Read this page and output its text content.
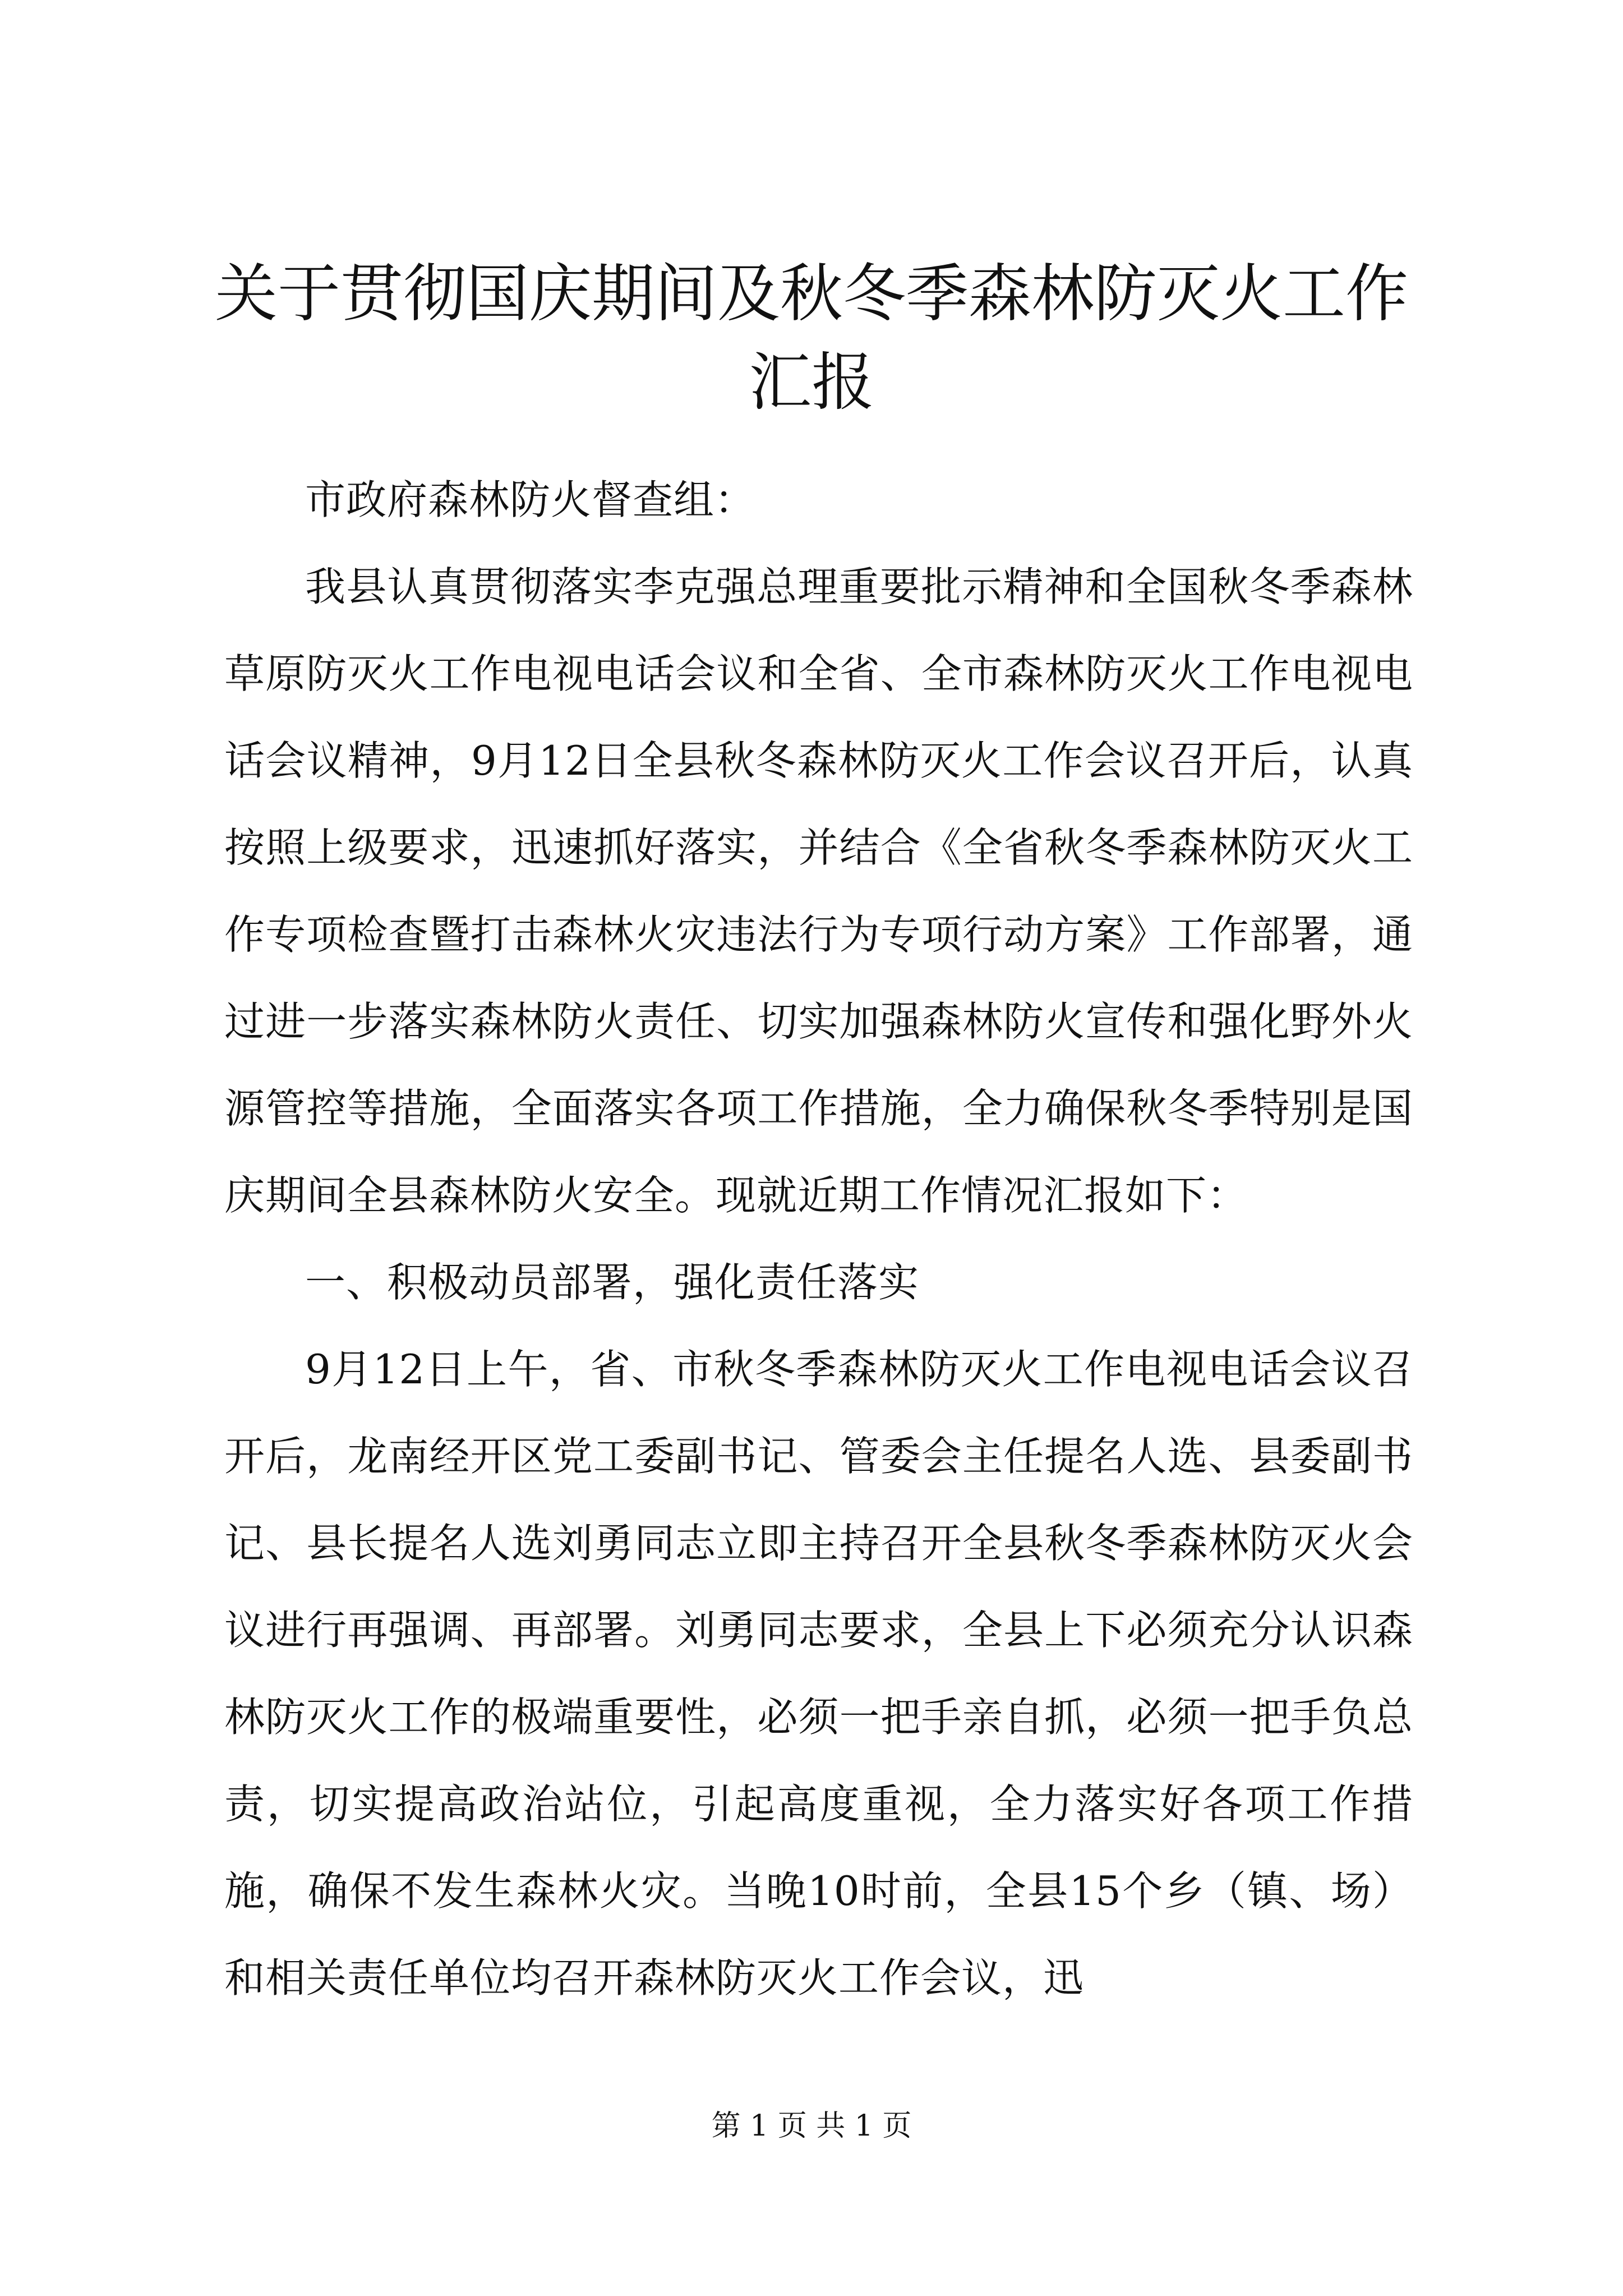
关于贯彻国庆期间及秋冬季森林防灭火工作汇报

市政府森林防火督查组：

我县认真贯彻落实李克强总理重要批示精神和全国秋冬季森林草原防灭火工作电视电话会议和全省、全市森林防灭火工作电视电话会议精神，9月12日全县秋冬森林防灭火工作会议召开后，认真按照上级要求，迅速抓好落实，并结合《全省秋冬季森林防灭火工作专项检查暨打击森林火灾违法行为专项行动方案》工作部署，通过进一步落实森林防火责任、切实加强森林防火宣传和强化野外火源管控等措施，全面落实各项工作措施，全力确保秋冬季特别是国庆期间全县森林防火安全。现就近期工作情况汇报如下：

一、积极动员部署，强化责任落实

9月12日上午，省、市秋冬季森林防灭火工作电视电话会议召开后，龙南经开区党工委副书记、管委会主任提名人选、县委副书记、县长提名人选刘勇同志立即主持召开全县秋冬季森林防灭火会议进行再强调、再部署。刘勇同志要求，全县上下必须充分认识森林防灭火工作的极端重要性，必须一把手亲自抓，必须一把手负总责，切实提高政治站位，引起高度重视，全力落实好各项工作措施，确保不发生森林火灾。当晚10时前，全县15个乡（镇、场）和相关责任单位均召开森林防灭火工作会议，迅

第 1 页 共 1 页
